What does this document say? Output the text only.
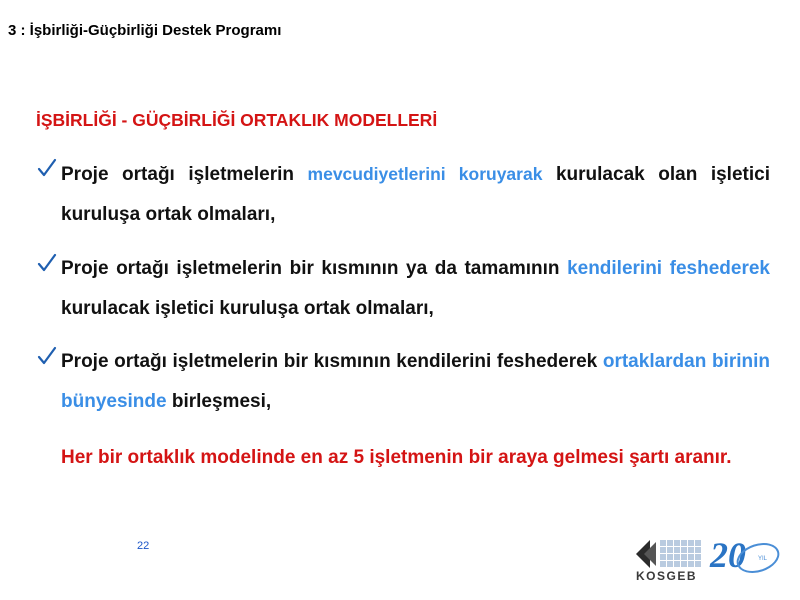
3 : İşbirliği-Güçbirliği Destek Programı
İŞBİRLİĞİ - GÜÇBİRLİĞİ ORTAKLIK MODELLERİ
Proje ortağı işletmelerin mevcudiyetlerini koruyarak kurulacak olan işletici kuruluşa ortak olmaları,
Proje ortağı işletmelerin bir kısmının ya da tamamının kendilerini feshederek kurulacak işletici kuruluşa ortak olmaları,
Proje ortağı işletmelerin bir kısmının kendilerini feshederek ortaklardan birinin bünyesinde birleşmesi,
Her bir ortaklık modelinde en az 5 işletmenin bir araya gelmesi şartı aranır.
22
KOSGEB
20 YIL
